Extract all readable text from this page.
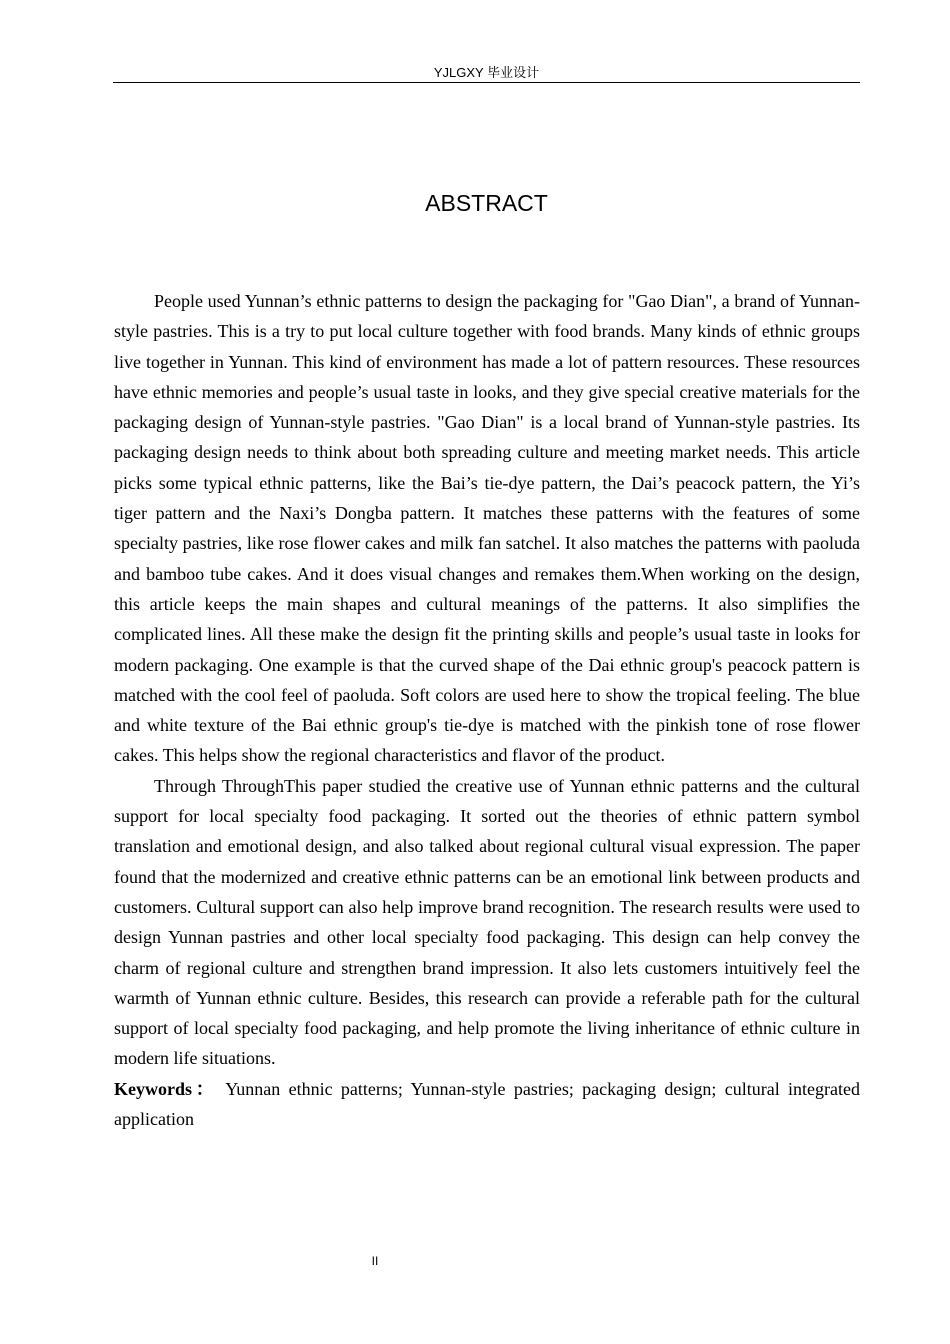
YJLGXY 毕业设计
ABSTRACT

People used Yunnan’s ethnic patterns to design the packaging for "Gao Dian", a brand of Yunnan-style pastries. This is a try to put local culture together with food brands. Many kinds of ethnic groups live together in Yunnan. This kind of environment has made a lot of pattern resources. These resources have ethnic memories and people’s usual taste in looks, and they give special creative materials for the packaging design of Yunnan-style pastries. "Gao Dian" is a local brand of Yunnan-style pastries. Its packaging design needs to think about both spreading culture and meeting market needs. This article picks some typical ethnic patterns, like the Bai’s tie-dye pattern, the Dai’s peacock pattern, the Yi’s tiger pattern and the Naxi’s Dongba pattern. It matches these patterns with the features of some specialty pastries, like rose flower cakes and milk fan satchel. It also matches the patterns with paoluda and bamboo tube cakes. And it does visual changes and remakes them.When working on the design, this article keeps the main shapes and cultural meanings of the patterns. It also simplifies the complicated lines. All these make the design fit the printing skills and people’s usual taste in looks for modern packaging. One example is that the curved shape of the Dai ethnic group's peacock pattern is matched with the cool feel of paoluda. Soft colors are used here to show the tropical feeling. The blue and white texture of the Bai ethnic group's tie-dye is matched with the pinkish tone of rose flower cakes. This helps show the regional characteristics and flavor of the product.

Through ThroughThis paper studied the creative use of Yunnan ethnic patterns and the cultural support for local specialty food packaging. It sorted out the theories of ethnic pattern symbol translation and emotional design, and also talked about regional cultural visual expression. The paper found that the modernized and creative ethnic patterns can be an emotional link between products and customers. Cultural support can also help improve brand recognition. The research results were used to design Yunnan pastries and other local specialty food packaging. This design can help convey the charm of regional culture and strengthen brand impression. It also lets customers intuitively feel the warmth of Yunnan ethnic culture. Besides, this research can provide a referable path for the cultural support of local specialty food packaging, and help promote the living inheritance of ethnic culture in modern life situations.

Keywords： Yunnan ethnic patterns; Yunnan-style pastries; packaging design; cultural integrated application

II
